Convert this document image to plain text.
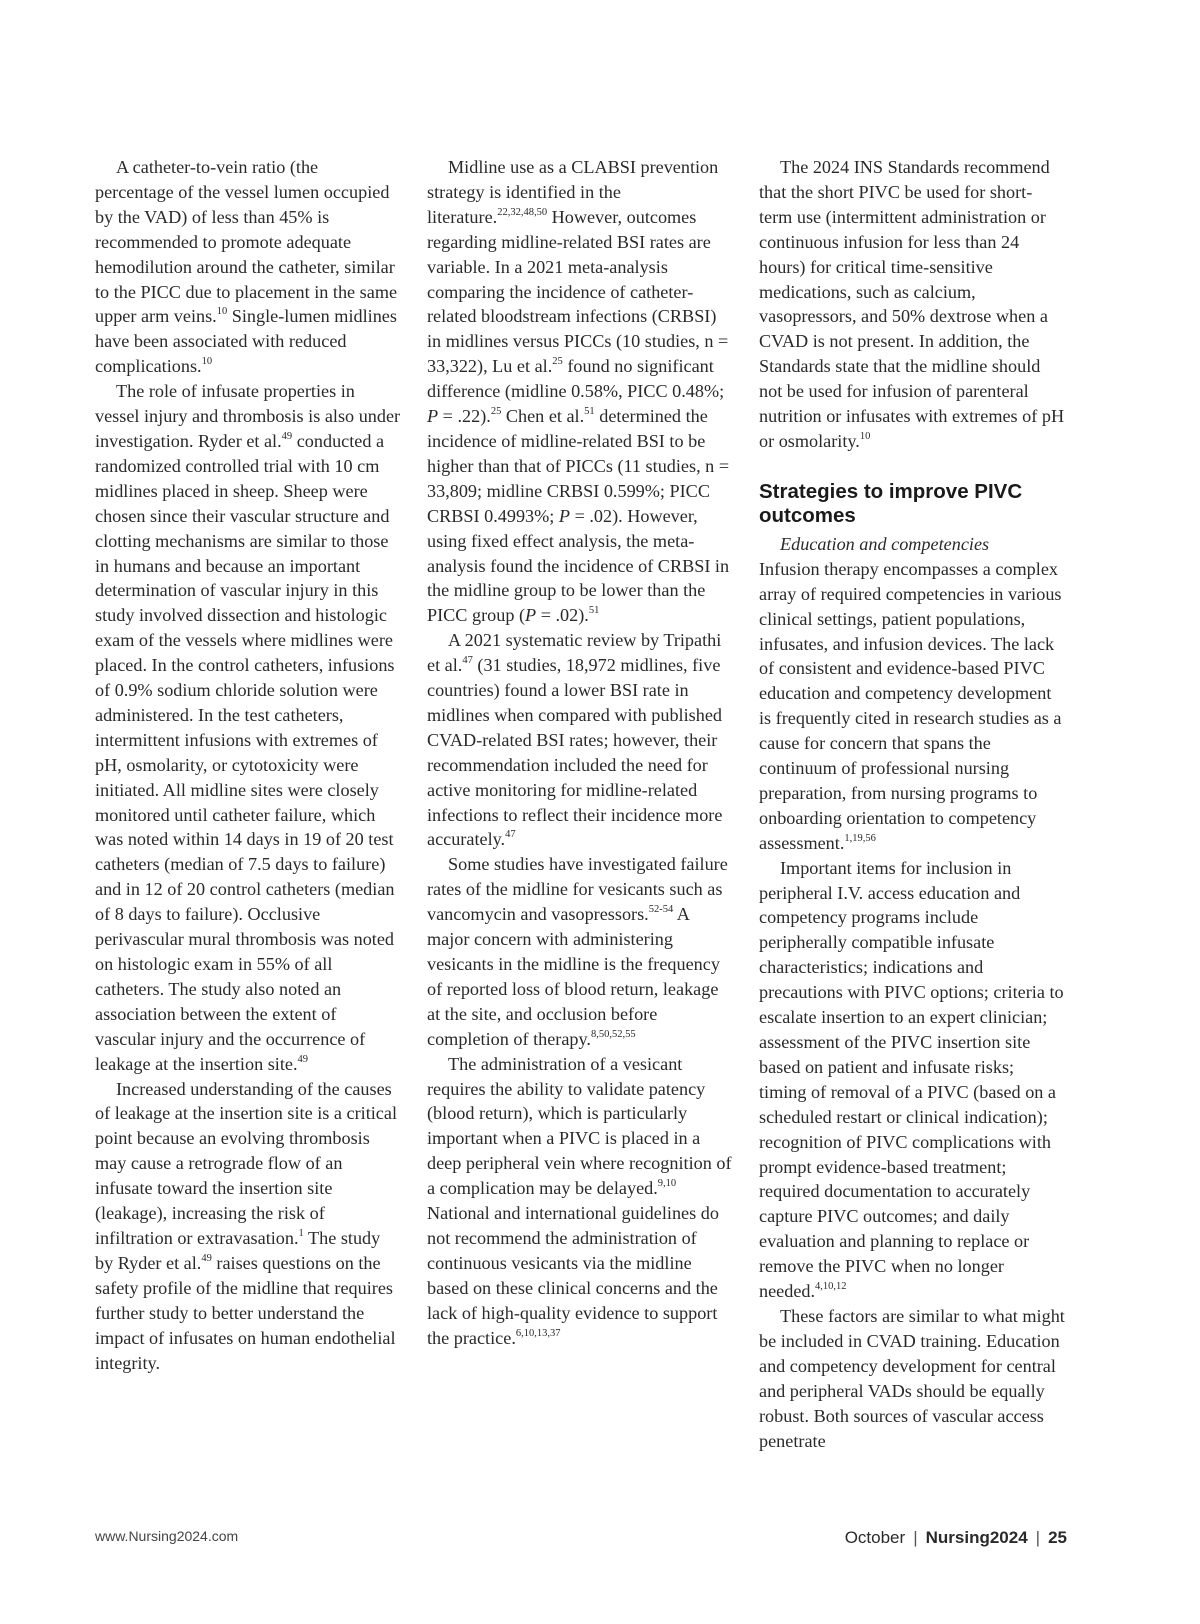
A catheter-to-vein ratio (the percentage of the vessel lumen occupied by the VAD) of less than 45% is recommended to promote adequate hemodilution around the catheter, similar to the PICC due to placement in the same upper arm veins.$^{10}$ Single-lumen midlines have been associated with reduced complications.$^{10}$

The role of infusate properties in vessel injury and thrombosis is also under investigation. Ryder et al.$^{49}$ conducted a randomized controlled trial with 10 cm midlines placed in sheep. Sheep were chosen since their vascular structure and clotting mechanisms are similar to those in humans and because an important determination of vascular injury in this study involved dissection and histologic exam of the vessels where midlines were placed. In the control catheters, infusions of 0.9% sodium chloride solution were administered. In the test catheters, intermittent infusions with extremes of pH, osmolarity, or cytotoxicity were initiated. All midline sites were closely monitored until catheter failure, which was noted within 14 days in 19 of 20 test catheters (median of 7.5 days to failure) and in 12 of 20 control catheters (median of 8 days to failure). Occlusive perivascular mural thrombosis was noted on histologic exam in 55% of all catheters. The study also noted an association between the extent of vascular injury and the occurrence of leakage at the insertion site.$^{49}$

Increased understanding of the causes of leakage at the insertion site is a critical point because an evolving thrombosis may cause a retrograde flow of an infusate toward the insertion site (leakage), increasing the risk of infiltration or extravasation.$^1$ The study by Ryder et al.$^{49}$ raises questions on the safety profile of the midline that requires further study to better understand the impact of infusates on human endothelial integrity.

Midline use as a CLABSI prevention strategy is identified in the literature.$^{22,32,48,50}$ However, outcomes regarding midline-related BSI rates are variable. In a 2021 meta-analysis comparing the incidence of catheter-related bloodstream infections (CRBSI) in midlines versus PICCs (10 studies, n = 33,322), Lu et al.$^{25}$ found no significant difference (midline 0.58%, PICC 0.48%; P = .22).$^{25}$ Chen et al.$^{51}$ determined the incidence of midline-related BSI to be higher than that of PICCs (11 studies, n = 33,809; midline CRBSI 0.599%; PICC CRBSI 0.4993%; P = .02). However, using fixed effect analysis, the meta-analysis found the incidence of CRBSI in the midline group to be lower than the PICC group (P = .02).$^{51}$

A 2021 systematic review by Tripathi et al.$^{47}$ (31 studies, 18,972 midlines, five countries) found a lower BSI rate in midlines when compared with published CVAD-related BSI rates; however, their recommendation included the need for active monitoring for midline-related infections to reflect their incidence more accurately.$^{47}$

Some studies have investigated failure rates of the midline for vesicants such as vancomycin and vasopressors.$^{52-54}$ A major concern with administering vesicants in the midline is the frequency of reported loss of blood return, leakage at the site, and occlusion before completion of therapy.$^{8,50,52,55}$

The administration of a vesicant requires the ability to validate patency (blood return), which is particularly important when a PIVC is placed in a deep peripheral vein where recognition of a complication may be delayed.$^{9,10}$ National and international guidelines do not recommend the administration of continuous vesicants via the midline based on these clinical concerns and the lack of high-quality evidence to support the practice.$^{6,10,13,37}$

The 2024 INS Standards recommend that the short PIVC be used for short-term use (intermittent administration or continuous infusion for less than 24 hours) for critical time-sensitive medications, such as calcium, vasopressors, and 50% dextrose when a CVAD is not present. In addition, the Standards state that the midline should not be used for infusion of parenteral nutrition or infusates with extremes of pH or osmolarity.$^{10}$

Strategies to improve PIVC outcomes

Education and competencies

Infusion therapy encompasses a complex array of required competencies in various clinical settings, patient populations, infusates, and infusion devices. The lack of consistent and evidence-based PIVC education and competency development is frequently cited in research studies as a cause for concern that spans the continuum of professional nursing preparation, from nursing programs to onboarding orientation to competency assessment.$^{1,19,56}$

Important items for inclusion in peripheral I.V. access education and competency programs include peripherally compatible infusate characteristics; indications and precautions with PIVC options; criteria to escalate insertion to an expert clinician; assessment of the PIVC insertion site based on patient and infusate risks; timing of removal of a PIVC (based on a scheduled restart or clinical indication); recognition of PIVC complications with prompt evidence-based treatment; required documentation to accurately capture PIVC outcomes; and daily evaluation and planning to replace or remove the PIVC when no longer needed.$^{4,10,12}$

These factors are similar to what might be included in CVAD training. Education and competency development for central and peripheral VADs should be equally robust. Both sources of vascular access penetrate

www.Nursing2024.com	October | Nursing2024 | 25
